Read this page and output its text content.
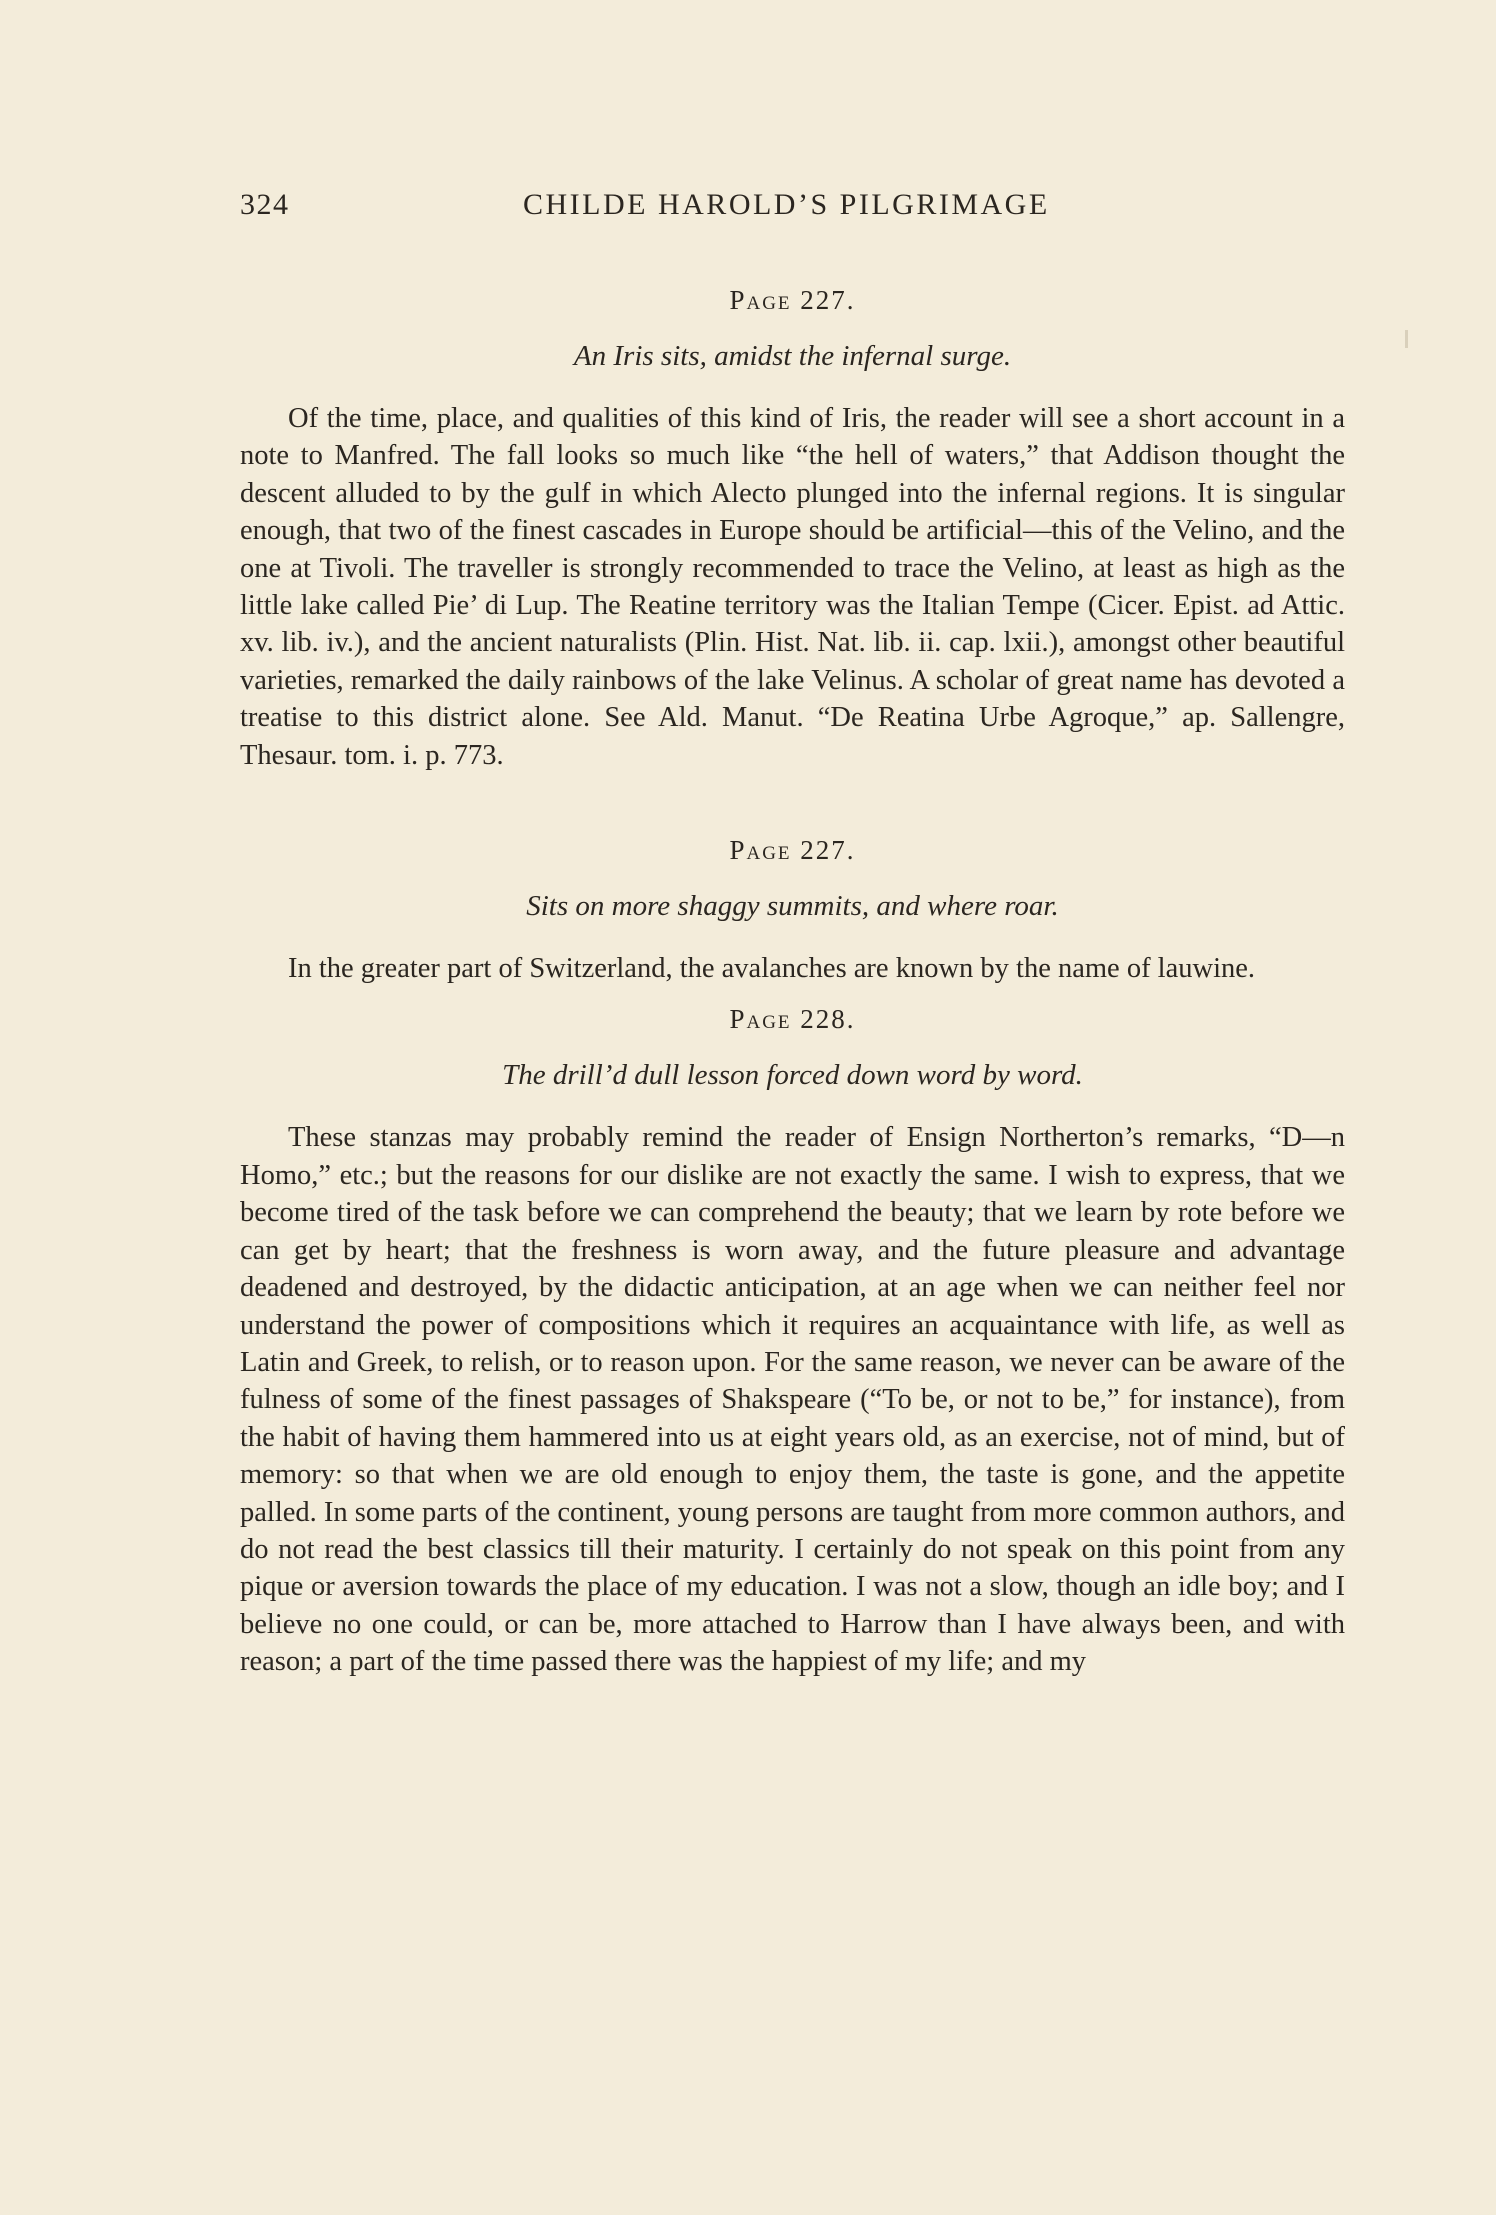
324	CHILDE HAROLD’S PILGRIMAGE
Page 227.
An Iris sits, amidst the infernal surge.

Of the time, place, and qualities of this kind of Iris, the reader will see a short account in a note to Manfred. The fall looks so much like “the hell of waters,” that Addison thought the descent alluded to by the gulf in which Alecto plunged into the infernal regions. It is singular enough, that two of the finest cascades in Europe should be artificial—this of the Velino, and the one at Tivoli. The traveller is strongly recommended to trace the Velino, at least as high as the little lake called Pie’ di Lup. The Reatine territory was the Italian Tempe (Cicer. Epist. ad Attic. xv. lib. iv.), and the ancient naturalists (Plin. Hist. Nat. lib. ii. cap. lxii.), amongst other beautiful varieties, remarked the daily rainbows of the lake Velinus. A scholar of great name has devoted a treatise to this district alone. See Ald. Manut. “De Reatina Urbe Agroque,” ap. Sallengre, Thesaur. tom. i. p. 773.

Page 227.
Sits on more shaggy summits, and where roar.

In the greater part of Switzerland, the avalanches are known by the name of lauwine.

Page 228.
The drill’d dull lesson forced down word by word.

These stanzas may probably remind the reader of Ensign Northerton’s remarks, “D—n Homo,” etc.; but the reasons for our dislike are not exactly the same. I wish to express, that we become tired of the task before we can comprehend the beauty; that we learn by rote before we can get by heart; that the freshness is worn away, and the future pleasure and advantage deadened and destroyed, by the didactic anticipation, at an age when we can neither feel nor understand the power of compositions which it requires an acquaintance with life, as well as Latin and Greek, to relish, or to reason upon. For the same reason, we never can be aware of the fulness of some of the finest passages of Shakspeare (“To be, or not to be,” for instance), from the habit of having them hammered into us at eight years old, as an exercise, not of mind, but of memory: so that when we are old enough to enjoy them, the taste is gone, and the appetite palled. In some parts of the continent, young persons are taught from more common authors, and do not read the best classics till their maturity. I certainly do not speak on this point from any pique or aversion towards the place of my education. I was not a slow, though an idle boy; and I believe no one could, or can be, more attached to Harrow than I have always been, and with reason; a part of the time passed there was the happiest of my life; and my
